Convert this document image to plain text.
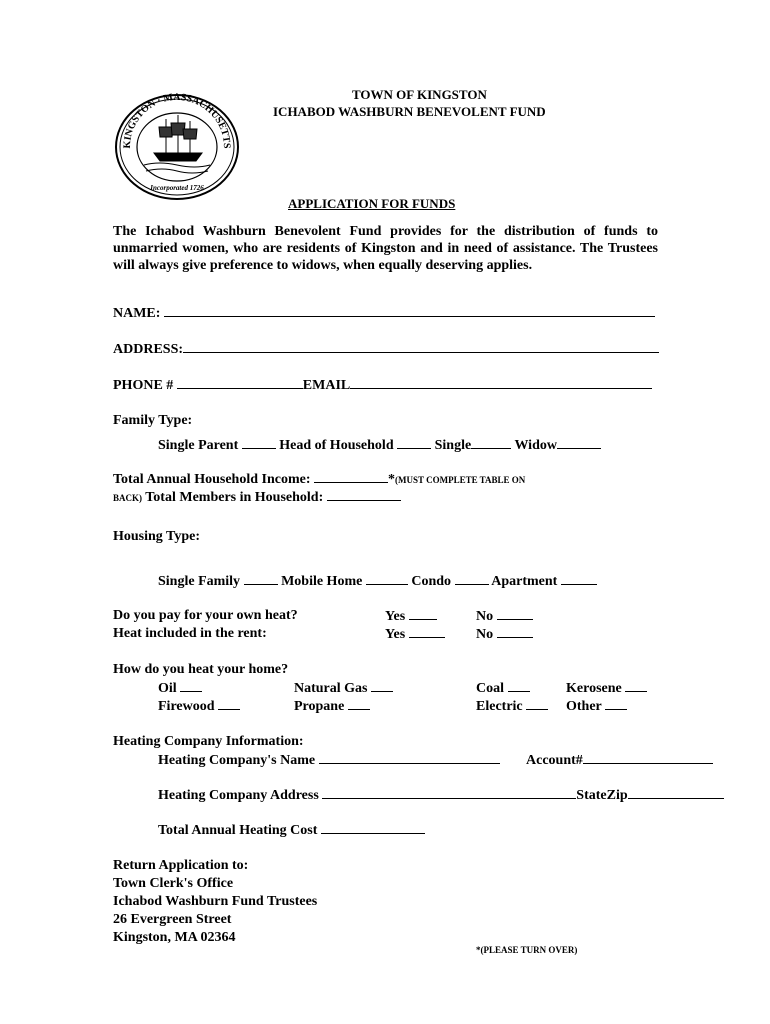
KINGSTON · MASSACHUSETTS
Incorporated 1726
TOWN OF KINGSTON
ICHABOD WASHBURN BENEVOLENT FUND
APPLICATION FOR FUNDS
The Ichabod Washburn Benevolent Fund provides for the distribution of funds to unmarried women, who are residents of Kingston and in need of assistance. The Trustees will always give preference to widows, when equally deserving applies.
NAME:
ADDRESS:
PHONE #	EMAIL
Family Type:
Single Parent	Head of Household	Single	Widow
Total Annual Household Income:	*(MUST COMPLETE TABLE ON
BACK) Total Members in Household:
Housing Type:
Single Family	Mobile Home	Condo	Apartment
Do you pay for your own heat?	Yes	No
Heat included in the rent:	Yes	No
How do you heat your home?
Oil	Natural Gas	Coal	Kerosene
Firewood	Propane	Electric	Other
Heating Company Information:
Heating Company's Name	Account#
Heating Company Address	StateZip
Total Annual Heating Cost
Return Application to:
Town Clerk's Office
Ichabod Washburn Fund Trustees
26 Evergreen Street
Kingston, MA 02364
*(PLEASE TURN OVER)
